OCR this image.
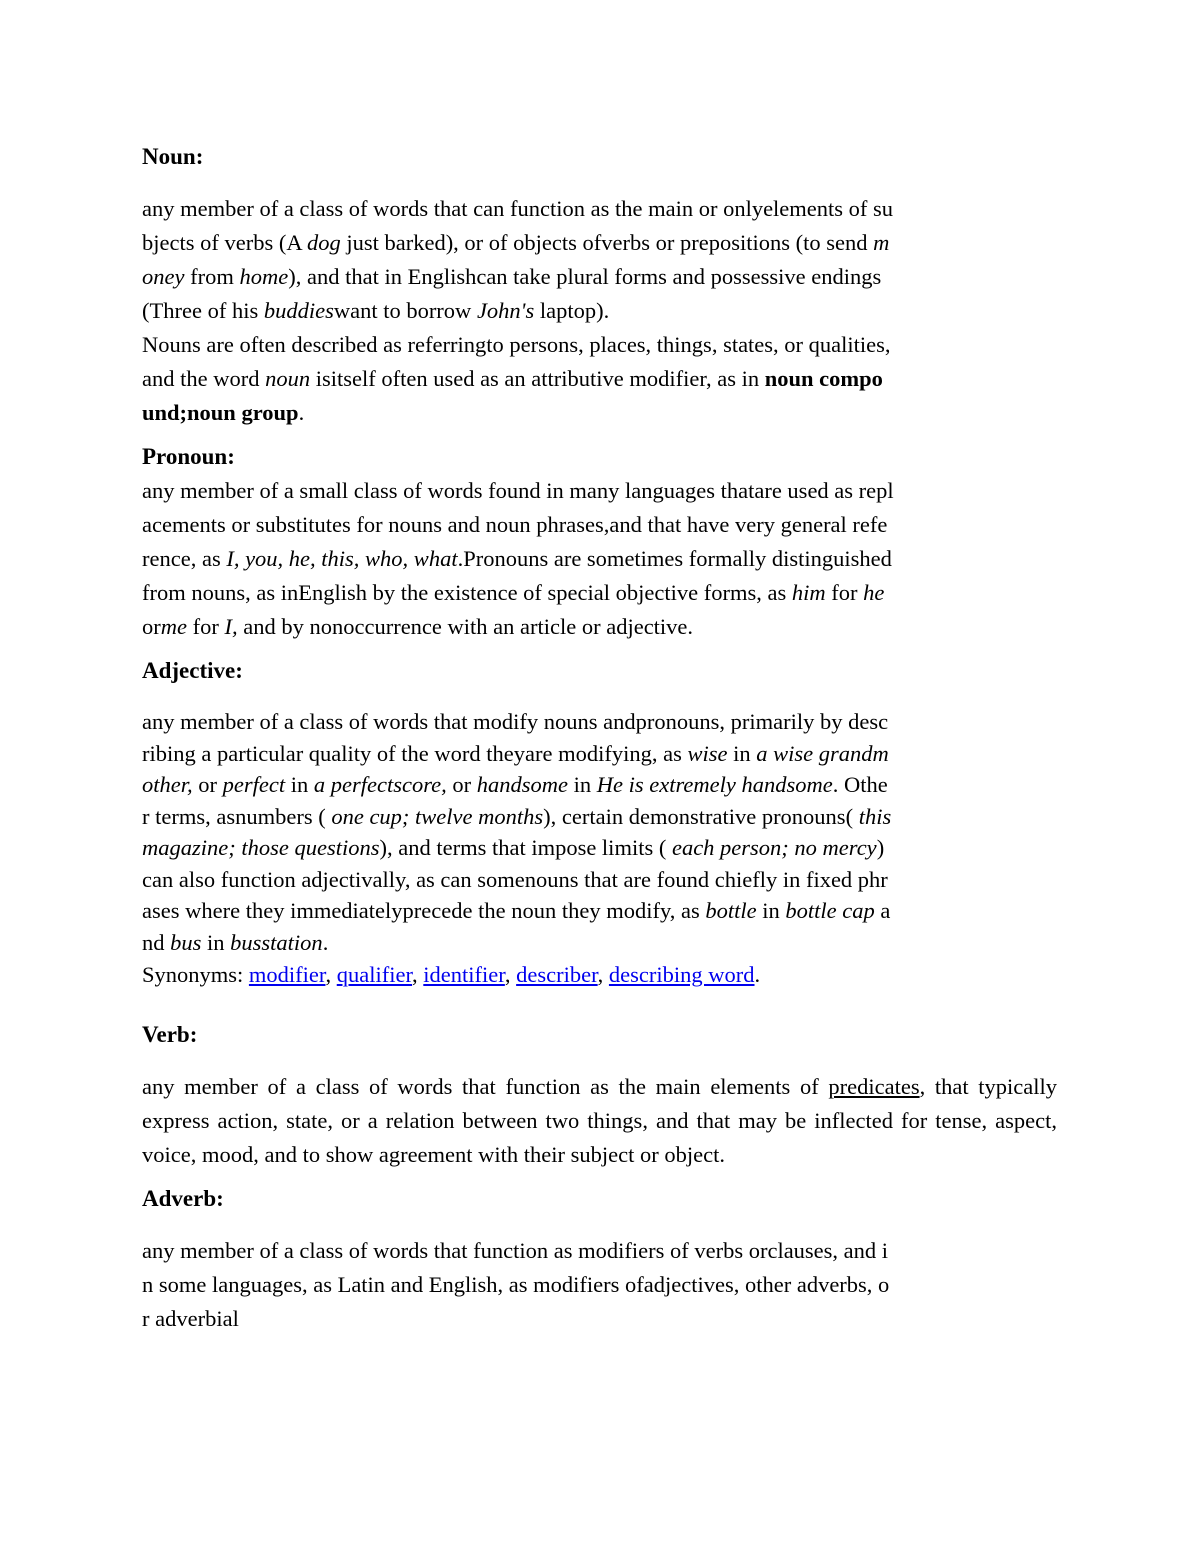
Noun:

any member of a class of words that can function as the main or onlyelements of su
bjects of verbs (A dog just barked), or of objects ofverbs or prepositions (to send m
oney from home), and that in Englishcan take plural forms and possessive endings
(Three of his buddieswant to borrow John's laptop).

Nouns are often described as referringto persons, places, things, states, or qualities,
and the word noun isitself often used as an attributive modifier, as in noun compo
und;noun group.

Pronoun:

any member of a small class of words found in many languages thatare used as repl
acements or substitutes for nouns and noun phrases,and that have very general refe
rence, as I, you, he, this, who, what.Pronouns are sometimes formally distinguished
from nouns, as inEnglish by the existence of special objective forms, as him for he
orme for I, and by nonoccurrence with an article or adjective.

Adjective:

any member of a class of words that modify nouns andpronouns, primarily by desc
ribing a particular quality of the word theyare modifying, as wise in a wise grandm
other, or perfect in a perfectscore, or handsome in He is extremely handsome. Othe
r terms, asnumbers ( one cup; twelve months), certain demonstrative pronouns( this
magazine; those questions), and terms that impose limits ( each person; no mercy)
can also function adjectivally, as can somenouns that are found chiefly in fixed phr
ases where they immediatelyprecede the noun they modify, as bottle in bottle cap a
nd bus in busstation.

Synonyms: modifier, qualifier, identifier, describer, describing word.

Verb:

any member of a class of words that function as the main elements of predicates, that typically express action, state, or a relation between two things, and that may be inflected for tense, aspect, voice, mood, and to show agreement with their subject or object.

Adverb:

any member of a class of words that function as modifiers of verbs orclauses, and i
n some languages, as Latin and English, as modifiers ofadjectives, other adverbs, o
r adverbial
